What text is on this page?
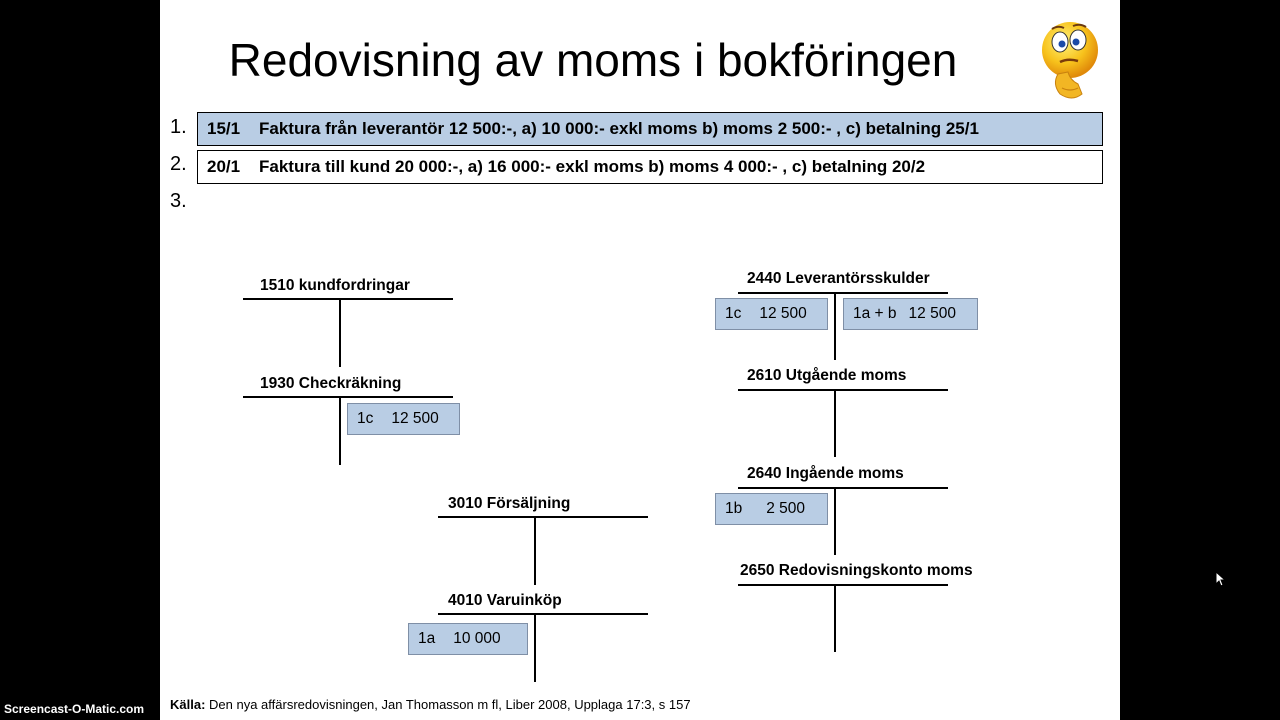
Redovisning av moms i bokföringen
1.	15/1 Faktura från leverantör 12 500:-, a) 10 000:- exkl moms b) moms 2 500:- , c) betalning 25/1
2.	20/1 Faktura till kund 20 000:-, a) 16 000:- exkl moms b) moms 4 000:- , c) betalning 20/2
3.
1510 kundfordringar
1930 Checkräkning
1c 12 500
3010 Försäljning
4010 Varuinköp
1a 10 000
2440 Leverantörsskulder
1c 12 500	1a + b 12 500
2610 Utgående moms
2640 Ingående moms
1b 2 500
2650 Redovisningskonto moms
Källa: Den nya affärsredovisningen, Jan Thomasson m fl, Liber 2008, Upplaga 17:3, s 157
Screencast-O-Matic.com
